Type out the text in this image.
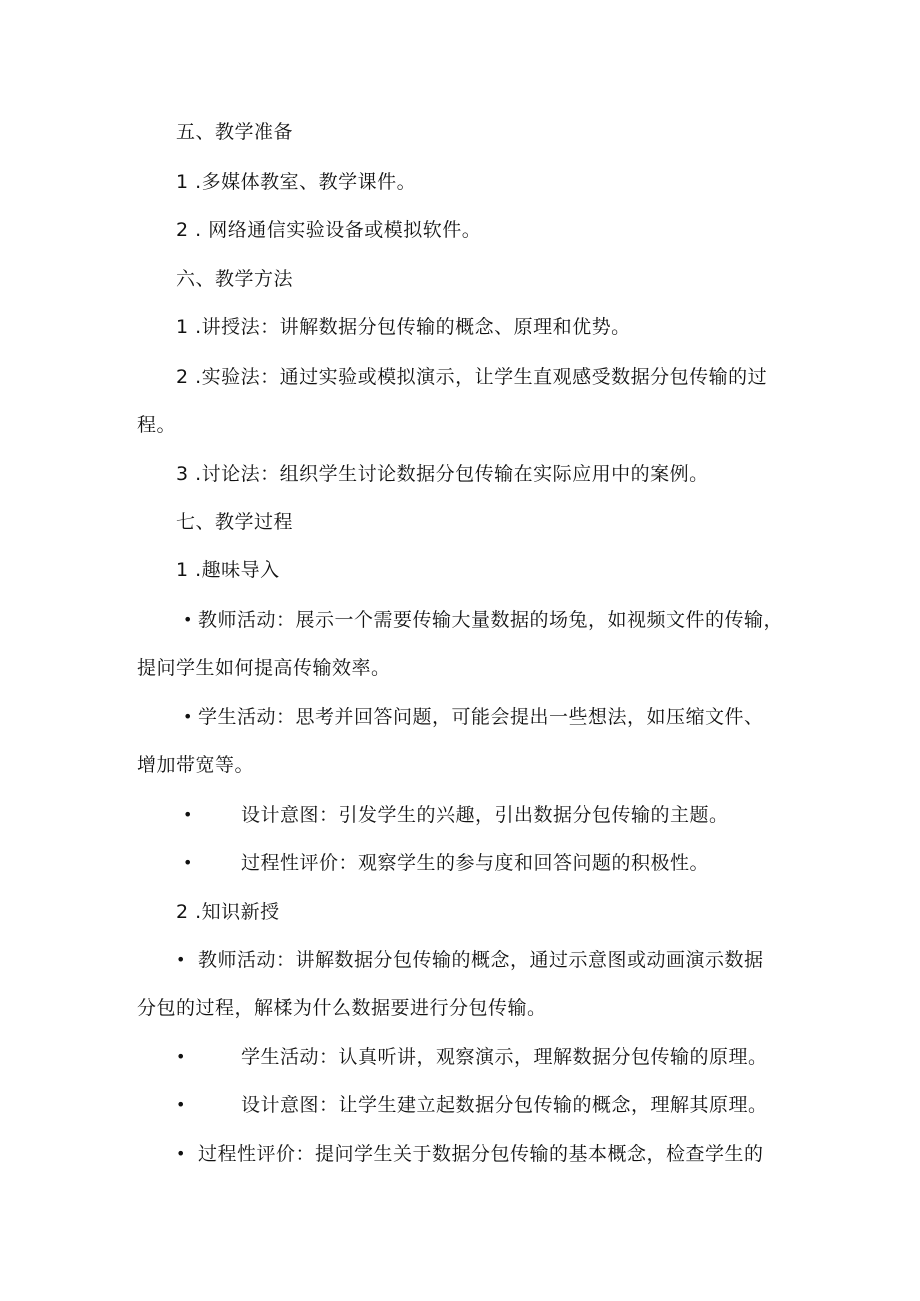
五、教学准备
1 .多媒体教室、教学课件。
2 . 网络通信实验设备或模拟软件。
六、教学方法
1 .讲授法：讲解数据分包传输的概念、原理和优势。
2 .实验法：通过实验或模拟演示，让学生直观感受数据分包传输的过
程。
3 .讨论法：组织学生讨论数据分包传输在实际应用中的案例。
七、教学过程
1 .趣味导入
• 教师活动：展示一个需要传输大量数据的场兔，如视频文件的传输，
提问学生如何提高传输效率。
• 学生活动：思考并回答问题，可能会提出一些想法，如压缩文件、
增加带宽等。
•	设计意图：引发学生的兴趣，引出数据分包传输的主题。
•	过程性评价：观察学生的参与度和回答问题的积极性。
2 .知识新授
• 教师活动：讲解数据分包传输的概念，通过示意图或动画演示数据
分包的过程，解楺为什么数据要进行分包传输。
•	学生活动：认真听讲，观察演示，理解数据分包传输的原理。
•	设计意图：让学生建立起数据分包传输的概念，理解其原理。
• 过程性评价：提问学生关于数据分包传输的基本概念，检查学生的
